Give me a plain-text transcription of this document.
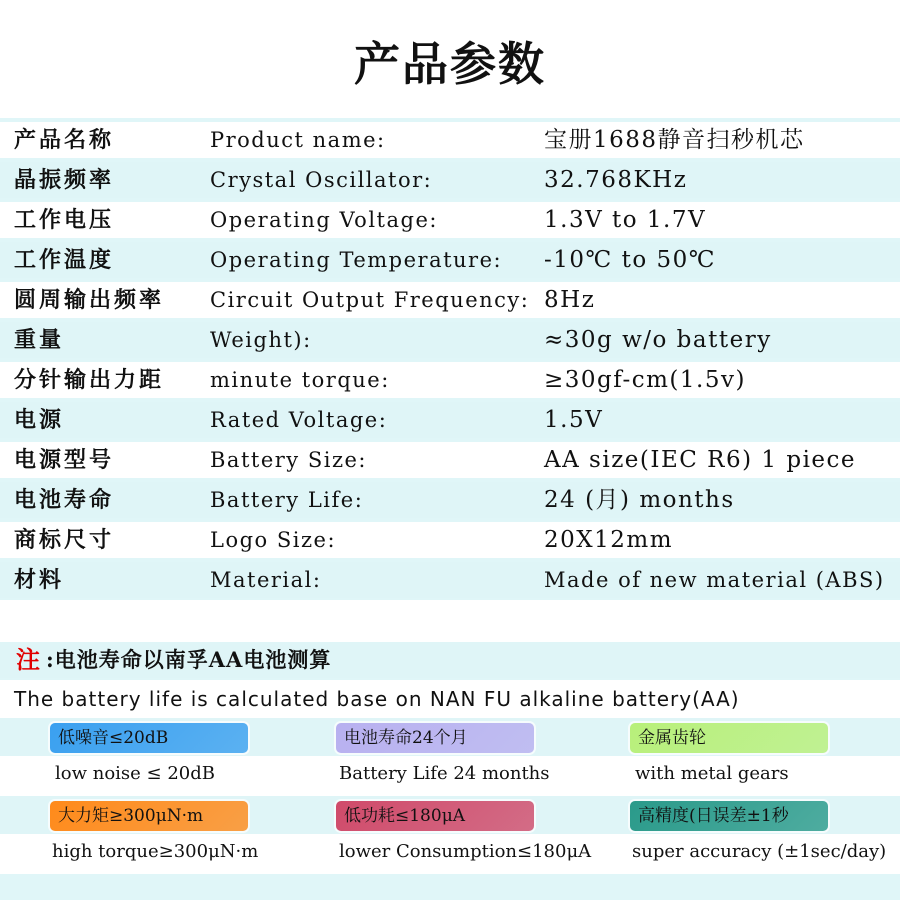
产品参数
产品名称	Product name:	宝册1688静音扫秒机芯
晶振频率	Crystal Oscillator:	32.768KHz
工作电压	Operating Voltage:	1.3V to 1.7V
工作温度	Operating Temperature: -10℃ to 50℃
圆周输出频率 Circuit Output Frequency: 8Hz
重量	Weight):	≈30g w/o battery
分针输出力距 minute torque:	≥30gf-cm(1.5v)
电源	Rated Voltage:	1.5V
电源型号	Battery Size:	AA size(IEC R6) 1 piece
电池寿命	Battery Life:	24 (月) months
商标尺寸	Logo Size:	20X12mm
材料	Material:	Made of new material (ABS)
注 :电池寿命以南孚AA电池测算
The battery life is calculated base on NAN FU alkaline battery(AA)
低噪音≤20dB
low noise ≤ 20dB
电池寿命24个月
Battery Life 24 months
金属齿轮
with metal gears
大力矩≥300μN·m
high torque≥300μN·m
低功耗≤180μA
lower Consumption≤180μA
高精度(日误差±1秒
super accuracy (±1sec/day)
